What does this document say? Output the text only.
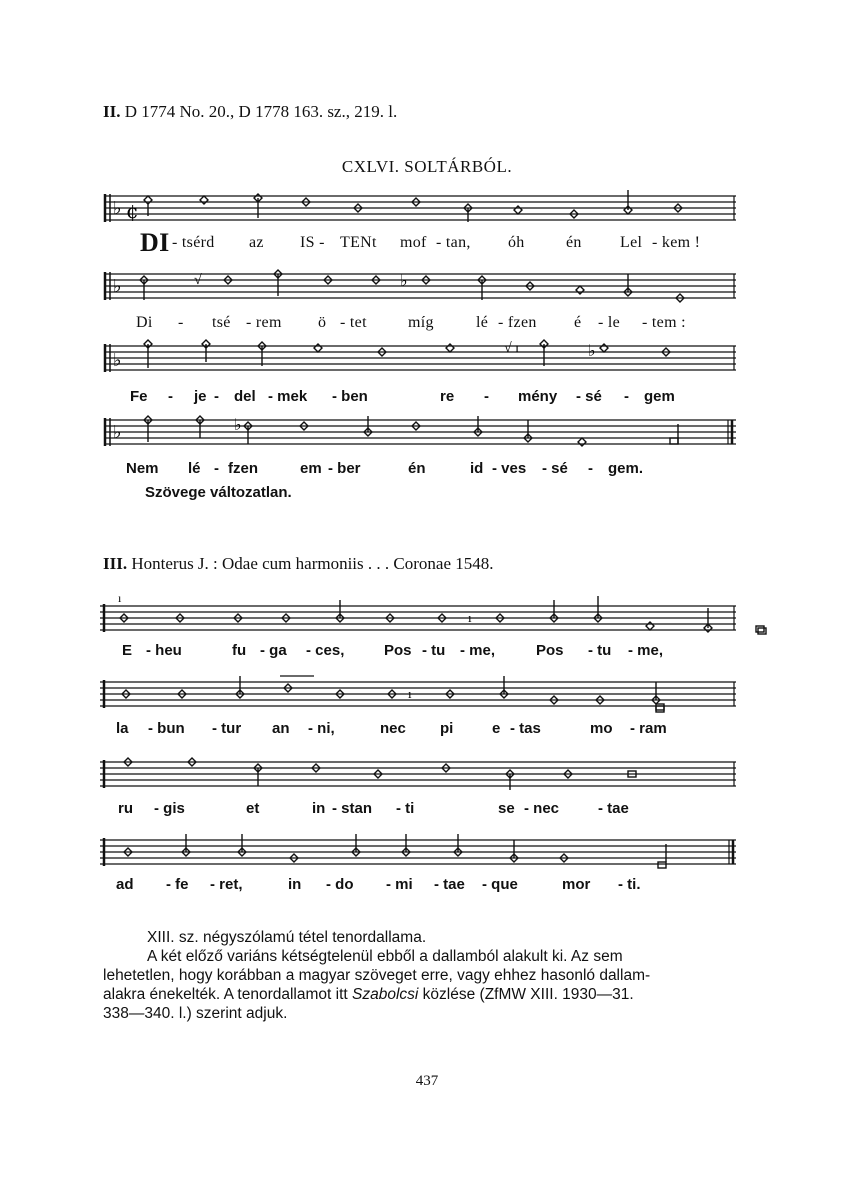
II. D 1774 No. 20., D 1778 163. sz., 219. l.
CXLVI. SOLTÁRBÓL.
♭ ¢
DI - tsérd az IS - TENt mof - tan, óh	én Lel - kem !
♭	√	♭
Di - tsé - rem ö - tet	míg	lé - fzen é - le - tem :
♭
√ ı	♭
Fe - je - del - mek - ben	re - mény - sé - gem
♭	♭
Nem lé - fzen	em - ber	én	id - ves - sé - gem.
Szövege változatlan.
III. Honterus J. : Odae cum harmoniis . . . Coronae 1548.
ı
ı
E - heu	fu - ga - ces,	Pos - tu - me,	Pos - tu - me,
ı
la - bun - tur an - ni,	nec pi	e - tas	mo - ram
ru - gis	et	in - stan - ti	se - nec	- tae
ad - fe - ret,	in - do - mi - tae - que	mor - ti.
XIII. sz. négyszólamú tétel tenordallama.
A két előző variáns kétségtelenül ebből a dallamból alakult ki. Az sem
lehetetlen, hogy korábban a magyar szöveget erre, vagy ehhez hasonló dallam-
alakra énekelték. A tenordallamot itt Szabolcsi közlése (ZfMW XIII. 1930—31.
338—340. l.) szerint adjuk.
437
